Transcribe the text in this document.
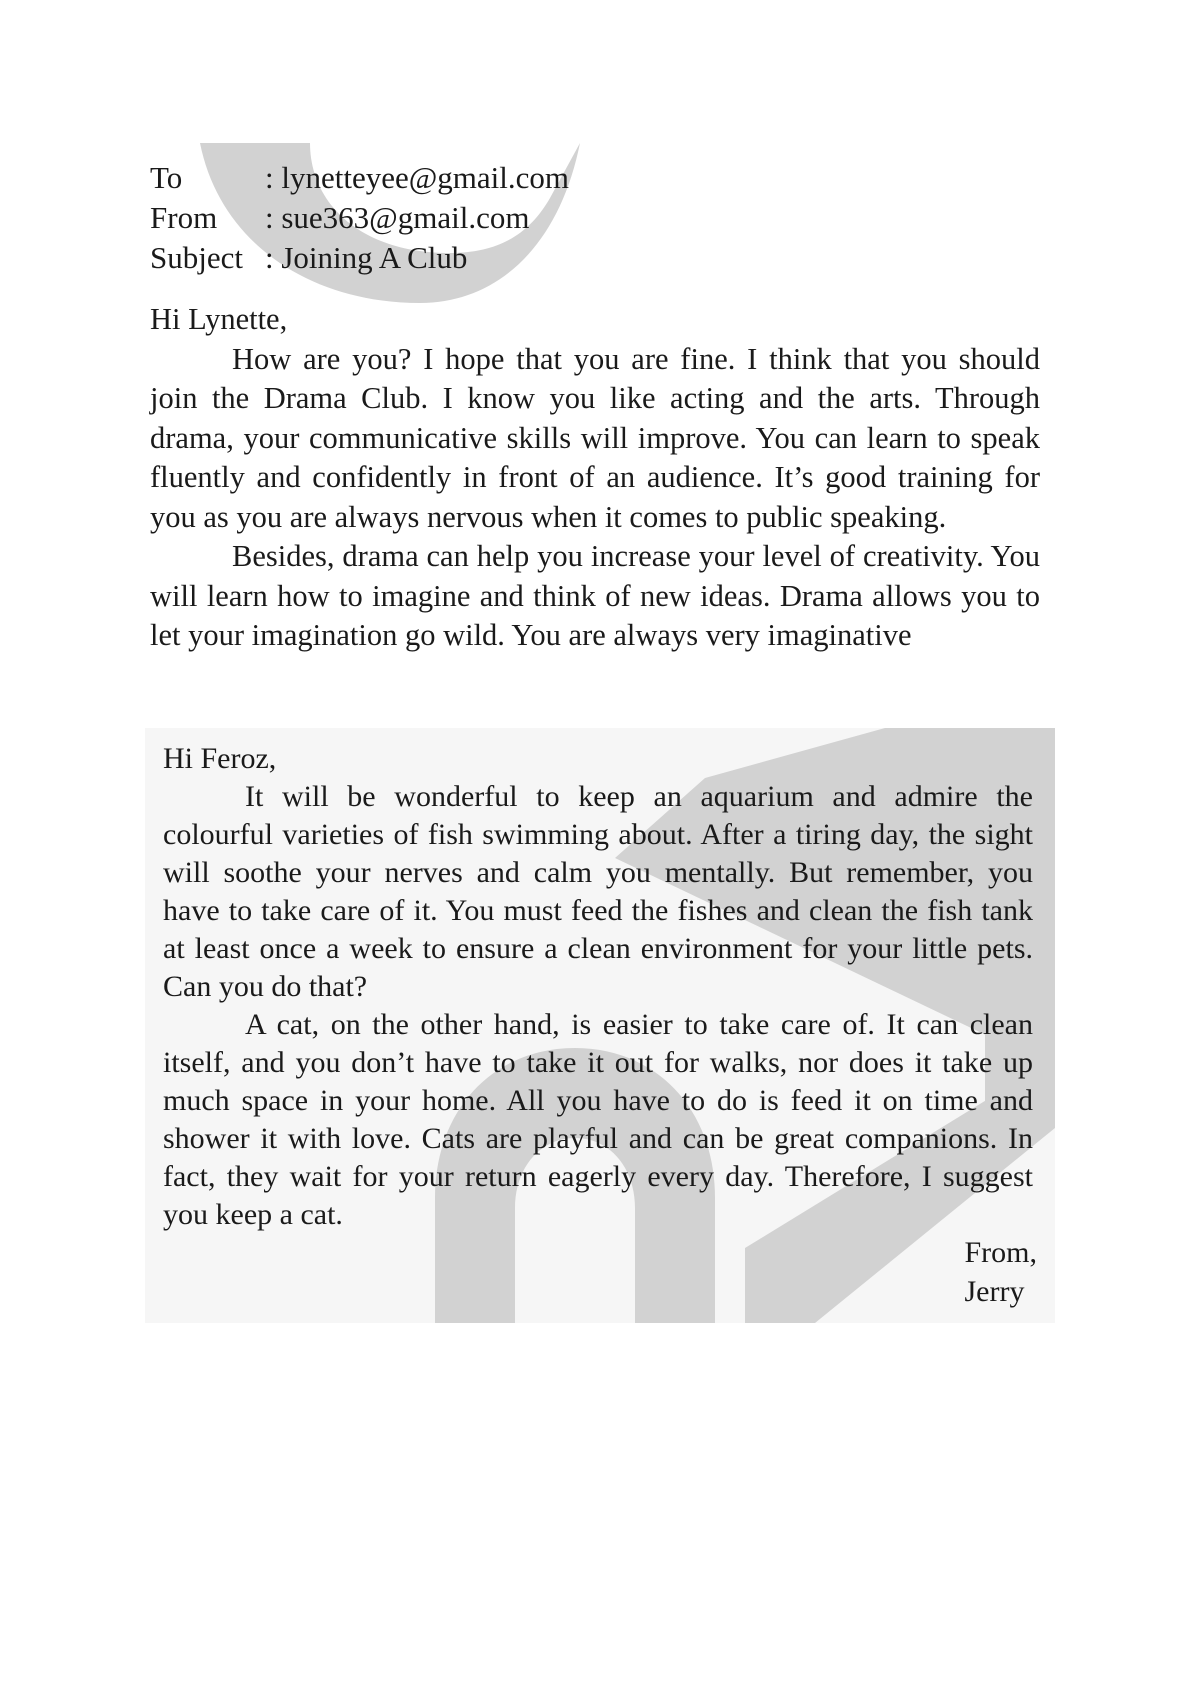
To	: lynetteyee@gmail.com
From	: sue363@gmail.com
Subject : Joining A Club

Hi Lynette,

How are you? I hope that you are fine. I think that you should join the Drama Club. I know you like acting and the arts. Through drama, your communicative skills will improve. You can learn to speak fluently and confidently in front of an audience. It’s good training for you as you are always nervous when it comes to public speaking.

Besides, drama can help you increase your level of creativity. You will learn how to imagine and think of new ideas. Drama allows you to let your imagination go wild. You are always very imaginative

Hi Feroz,

It will be wonderful to keep an aquarium and admire the colourful varieties of fish swimming about. After a tiring day, the sight will soothe your nerves and calm you mentally. But remember, you have to take care of it. You must feed the fishes and clean the fish tank at least once a week to ensure a clean environment for your little pets. Can you do that?

A cat, on the other hand, is easier to take care of. It can clean itself, and you don’t have to take it out for walks, nor does it take up much space in your home. All you have to do is feed it on time and shower it with love. Cats are playful and can be great companions. In fact, they wait for your return eagerly every day. Therefore, I suggest you keep a cat.

From,
Jerry
